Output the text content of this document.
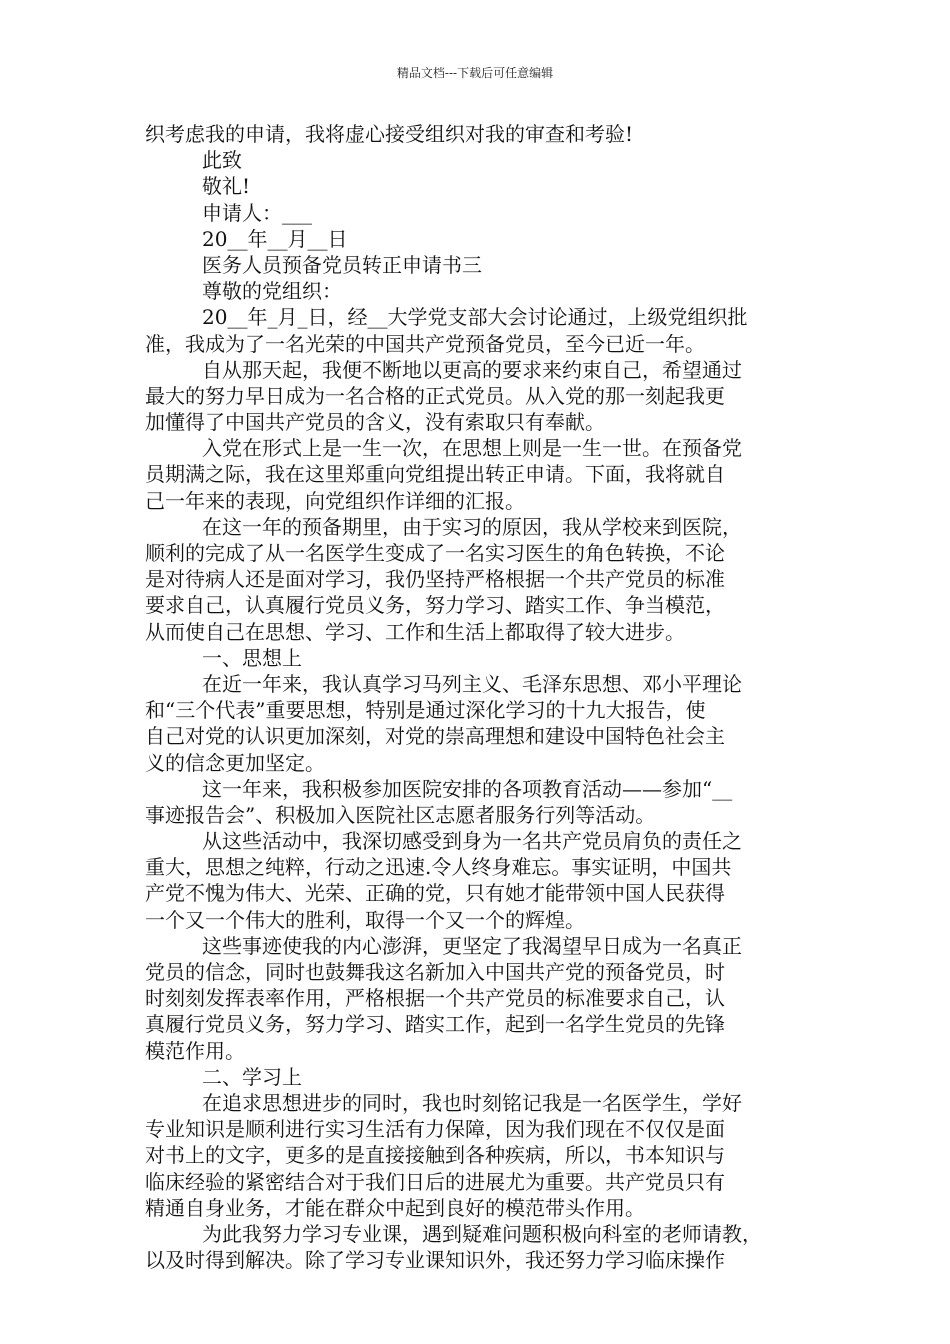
精品文档---下载后可任意编辑
织考虑我的申请，我将虚心接受组织对我的审查和考验!
此致
敬礼!
申请人：___
20__年__月__日
医务人员预备党员转正申请书三
尊敬的党组织：
20__年_月_日，经__大学党支部大会讨论通过，上级党组织批
准，我成为了一名光荣的中国共产党预备党员，至今已近一年。
自从那天起，我便不断地以更高的要求来约束自己，希望通过
最大的努力早日成为一名合格的正式党员。从入党的那一刻起我更
加懂得了中国共产党员的含义，没有索取只有奉献。
入党在形式上是一生一次，在思想上则是一生一世。在预备党
员期满之际，我在这里郑重向党组提出转正申请。下面，我将就自
己一年来的表现，向党组织作详细的汇报。
在这一年的预备期里，由于实习的原因，我从学校来到医院，
顺利的完成了从一名医学生变成了一名实习医生的角色转换，不论
是对待病人还是面对学习，我仍坚持严格根据一个共产党员的标准
要求自己，认真履行党员义务，努力学习、踏实工作、争当模范，
从而使自己在思想、学习、工作和生活上都取得了较大进步。
一、思想上
在近一年来，我认真学习马列主义、毛泽东思想、邓小平理论
和“三个代表”重要思想，特别是通过深化学习的十九大报告，使
自己对党的认识更加深刻，对党的崇高理想和建设中国特色社会主
义的信念更加坚定。
这一年来，我积极参加医院安排的各项教育活动——参加“__
事迹报告会”、积极加入医院社区志愿者服务行列等活动。
从这些活动中，我深切感受到身为一名共产党员肩负的责任之
重大，思想之纯粹，行动之迅速.令人终身难忘。事实证明，中国共
产党不愧为伟大、光荣、正确的党，只有她才能带领中国人民获得
一个又一个伟大的胜利，取得一个又一个的辉煌。
这些事迹使我的内心澎湃，更坚定了我渴望早日成为一名真正
党员的信念，同时也鼓舞我这名新加入中国共产党的预备党员，时
时刻刻发挥表率作用，严格根据一个共产党员的标准要求自己，认
真履行党员义务，努力学习、踏实工作，起到一名学生党员的先锋
模范作用。
二、学习上
在追求思想进步的同时，我也时刻铭记我是一名医学生，学好
专业知识是顺利进行实习生活有力保障，因为我们现在不仅仅是面
对书上的文字，更多的是直接接触到各种疾病，所以，书本知识与
临床经验的紧密结合对于我们日后的进展尤为重要。共产党员只有
精通自身业务，才能在群众中起到良好的模范带头作用。
为此我努力学习专业课，遇到疑难问题积极向科室的老师请教，
以及时得到解决。除了学习专业课知识外，我还努力学习临床操作
